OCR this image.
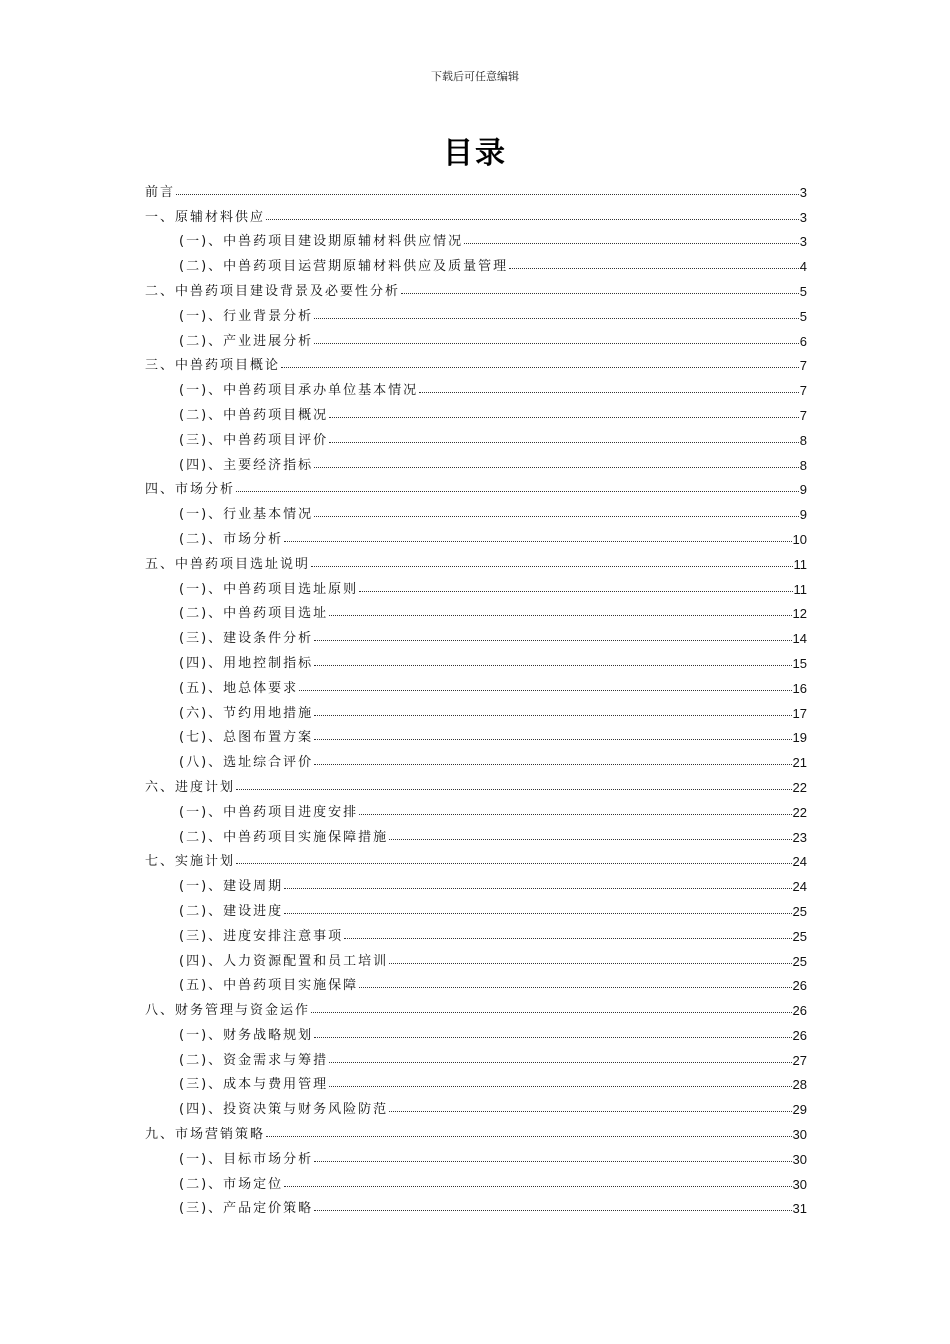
下载后可任意编辑
目录
前言	3
一、原辅材料供应	3
(一)、中兽药项目建设期原辅材料供应情况	3
(二)、中兽药项目运营期原辅材料供应及质量管理	4
二、中兽药项目建设背景及必要性分析	5
(一)、行业背景分析	5
(二)、产业进展分析	6
三、中兽药项目概论	7
(一)、中兽药项目承办单位基本情况	7
(二)、中兽药项目概况	7
(三)、中兽药项目评价	8
(四)、主要经济指标	8
四、市场分析	9
(一)、行业基本情况	9
(二)、市场分析	10
五、中兽药项目选址说明	11
(一)、中兽药项目选址原则	11
(二)、中兽药项目选址	12
(三)、建设条件分析	14
(四)、用地控制指标	15
(五)、地总体要求	16
(六)、节约用地措施	17
(七)、总图布置方案	19
(八)、选址综合评价	21
六、进度计划	22
(一)、中兽药项目进度安排	22
(二)、中兽药项目实施保障措施	23
七、实施计划	24
(一)、建设周期	24
(二)、建设进度	25
(三)、进度安排注意事项	25
(四)、人力资源配置和员工培训	25
(五)、中兽药项目实施保障	26
八、财务管理与资金运作	26
(一)、财务战略规划	26
(二)、资金需求与筹措	27
(三)、成本与费用管理	28
(四)、投资决策与财务风险防范	29
九、市场营销策略	30
(一)、目标市场分析	30
(二)、市场定位	30
(三)、产品定价策略	31
